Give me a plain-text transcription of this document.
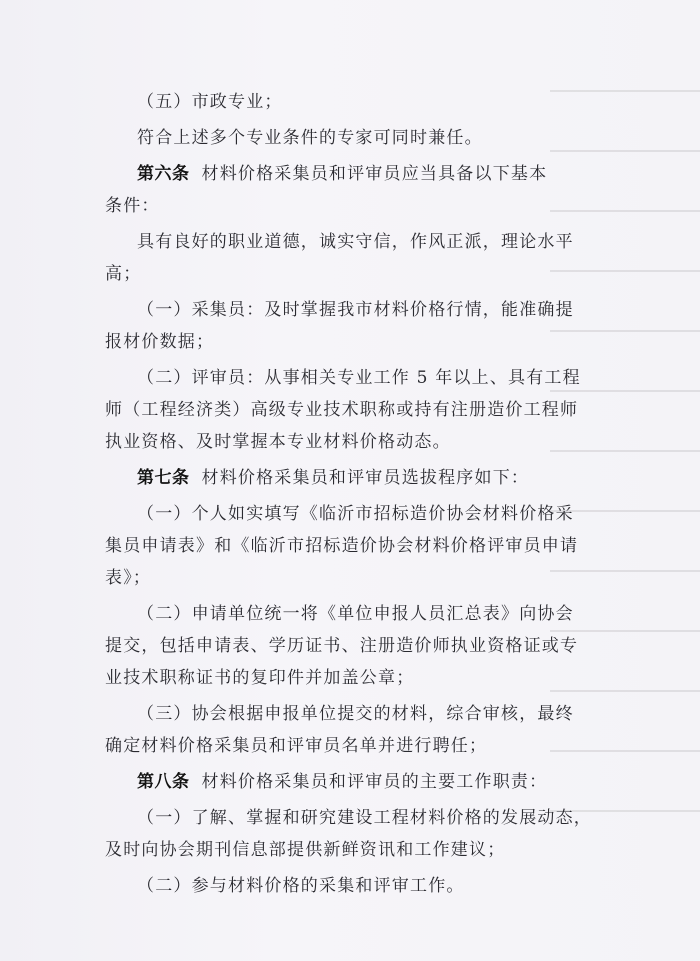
（五）市政专业；
符合上述多个专业条件的专家可同时兼任。
第六条 材料价格采集员和评审员应当具备以下基本
条件：
具有良好的职业道德，诚实守信，作风正派，理论水平
高；
（一）采集员：及时掌握我市材料价格行情，能准确提
报材价数据；
（二）评审员：从事相关专业工作 5 年以上、具有工程
师（工程经济类）高级专业技术职称或持有注册造价工程师
执业资格、及时掌握本专业材料价格动态。
第七条 材料价格采集员和评审员选拔程序如下：
（一）个人如实填写《临沂市招标造价协会材料价格采
集员申请表》和《临沂市招标造价协会材料价格评审员申请
表》；
（二）申请单位统一将《单位申报人员汇总表》向协会
提交，包括申请表、学历证书、注册造价师执业资格证或专
业技术职称证书的复印件并加盖公章；
（三）协会根据申报单位提交的材料，综合审核，最终
确定材料价格采集员和评审员名单并进行聘任；
第八条 材料价格采集员和评审员的主要工作职责：
（一）了解、掌握和研究建设工程材料价格的发展动态，
及时向协会期刊信息部提供新鲜资讯和工作建议；
（二）参与材料价格的采集和评审工作。
